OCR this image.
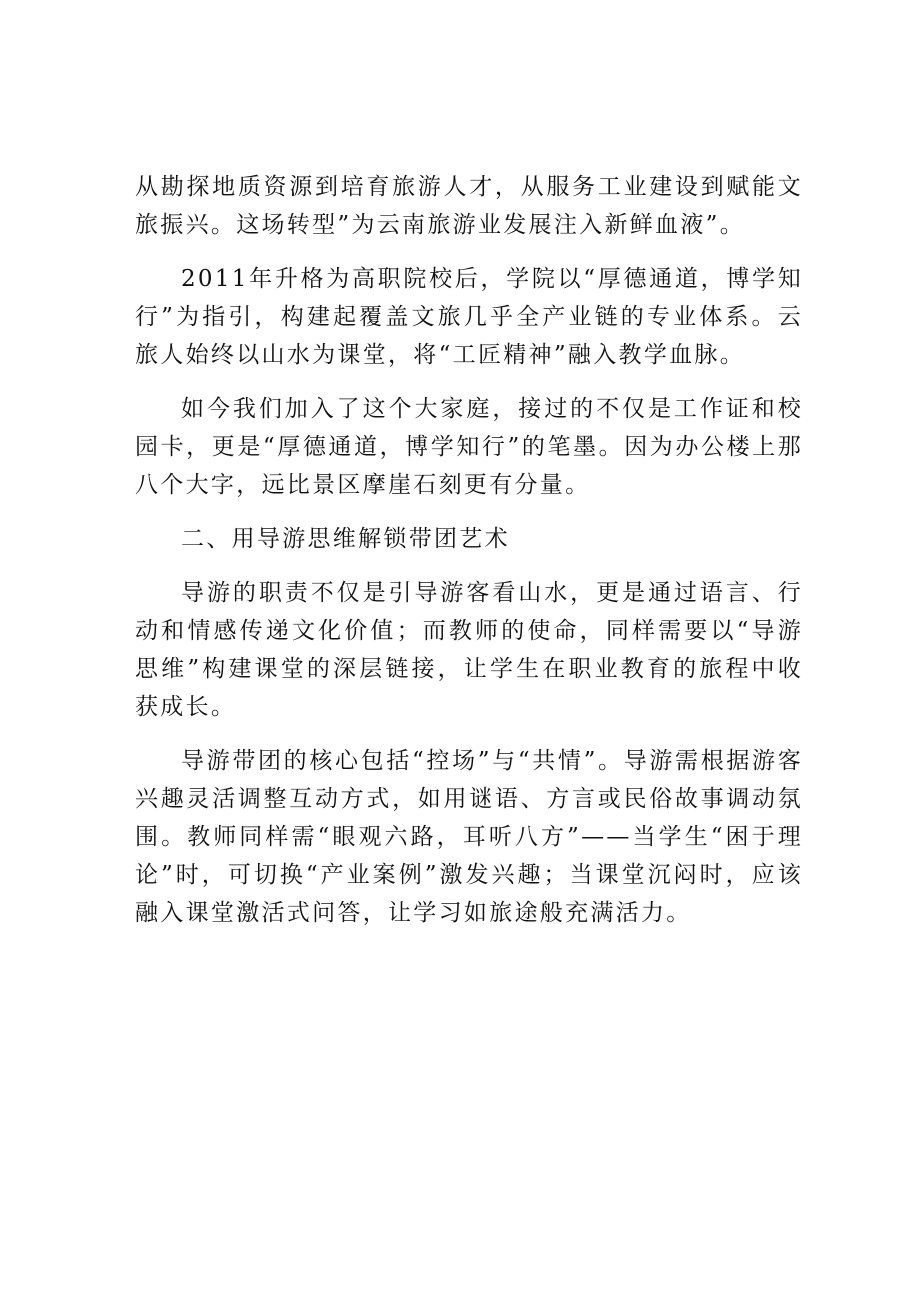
从勘探地质资源到培育旅游人才，从服务工业建设到赋能文旅振兴。这场转型”为云南旅游业发展注入新鲜血液”。

2011年升格为高职院校后，学院以“厚德通道，博学知行”为指引，构建起覆盖文旅几乎全产业链的专业体系。云旅人始终以山水为课堂，将“工匠精神”融入教学血脉。

如今我们加入了这个大家庭，接过的不仅是工作证和校园卡，更是“厚德通道，博学知行”的笔墨。因为办公楼上那八个大字，远比景区摩崖石刻更有分量。

二、用导游思维解锁带团艺术

导游的职责不仅是引导游客看山水，更是通过语言、行动和情感传递文化价值；而教师的使命，同样需要以“导游思维”构建课堂的深层链接，让学生在职业教育的旅程中收获成长。

导游带团的核心包括“控场”与“共情”。导游需根据游客兴趣灵活调整互动方式，如用谜语、方言或民俗故事调动氛围。教师同样需“眼观六路，耳听八方”——当学生“困于理论”时，可切换“产业案例”激发兴趣；当课堂沉闷时，应该融入课堂激活式问答，让学习如旅途般充满活力。
